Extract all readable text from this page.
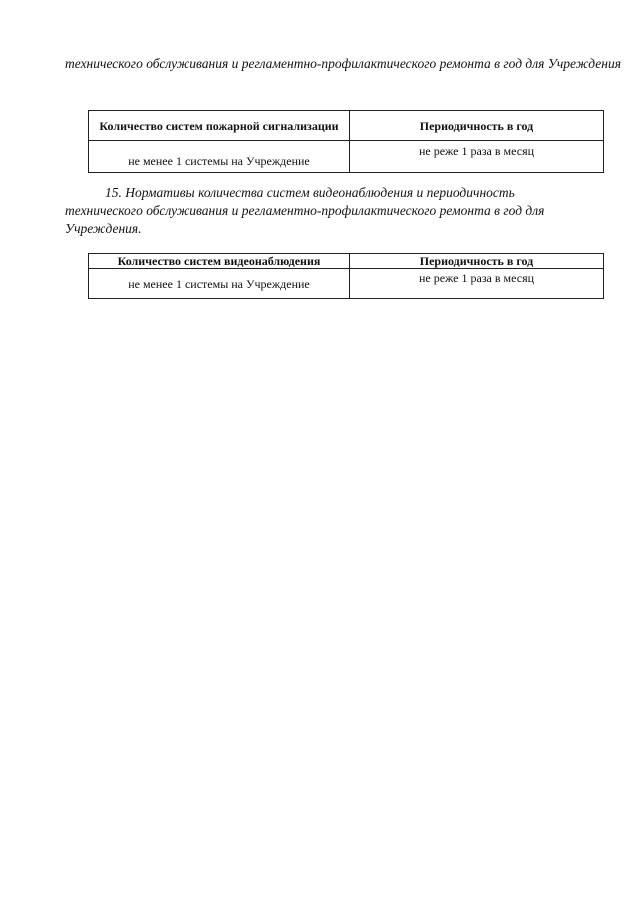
технического обслуживания и регламентно-профилактического ремонта в год для Учреждения

Количество систем пожарной сигнализации	Периодичность в год
не менее 1 системы на Учреждение	не реже 1 раза в месяц

15. Нормативы количества систем видеонаблюдения и периодичность
технического обслуживания и регламентно-профилактического ремонта в год для Учреждения.

Количество систем видеонаблюдения	Периодичность в год
не менее 1 системы на Учреждение	не реже 1 раза в месяц
